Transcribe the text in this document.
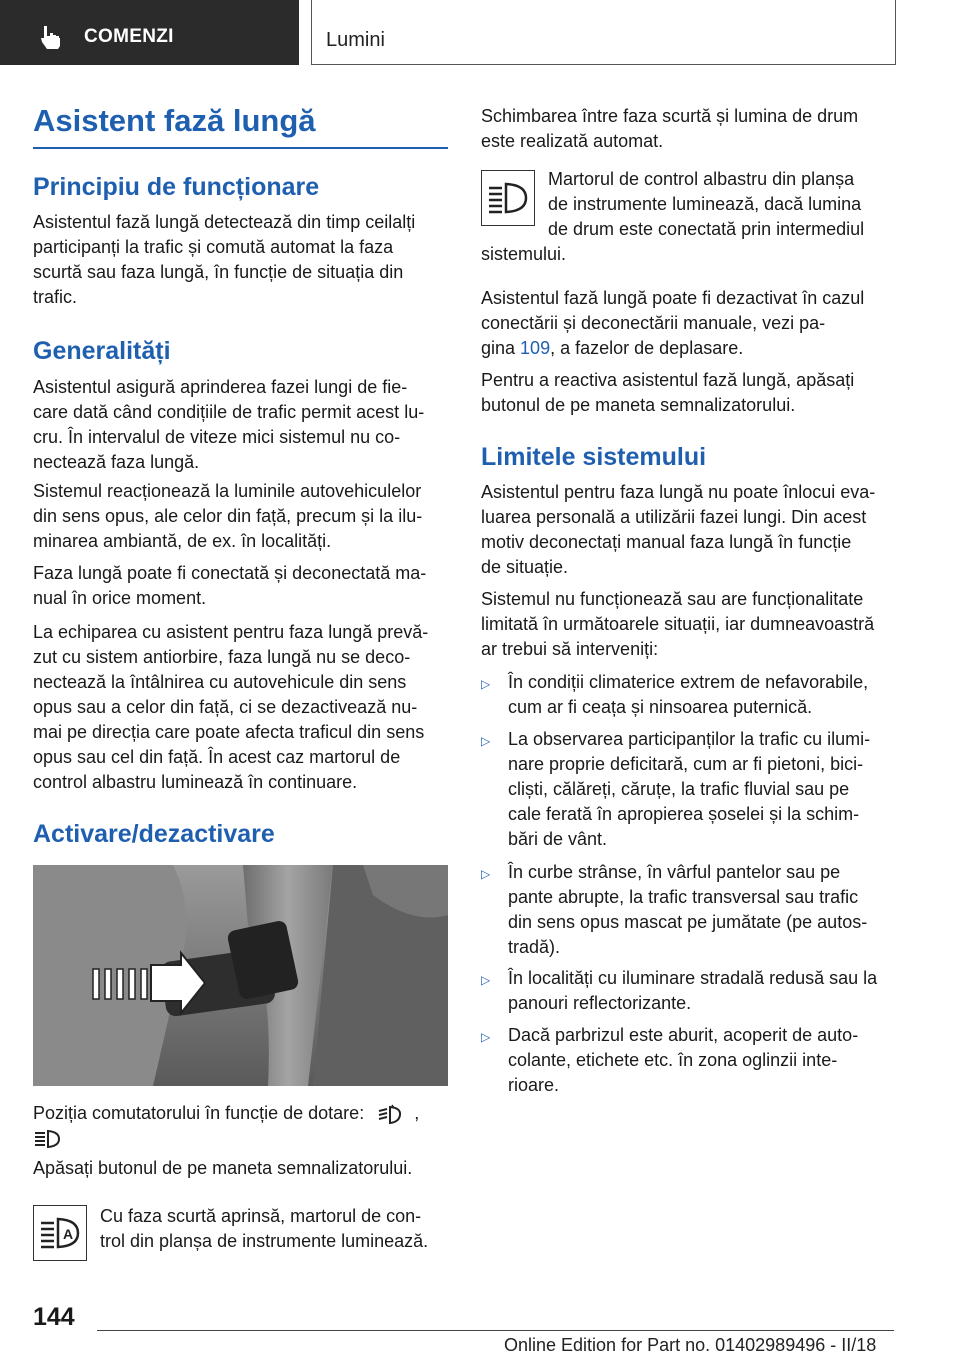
COMENZI	Lumini
Asistent fază lungă
Principiu de funcționare

Asistentul fază lungă detectează din timp ceilalți
participanți la trafic și comută automat la faza
scurtă sau faza lungă, în funcție de situația din
trafic.

Generalități

Asistentul asigură aprinderea fazei lungi de fie-
care dată când condițiile de trafic permit acest lu-
cru. În intervalul de viteze mici sistemul nu co-
nectează faza lungă.

Sistemul reacționează la luminile autovehiculelor
din sens opus, ale celor din față, precum și la ilu-
minarea ambiantă, de ex. în localități.

Faza lungă poate fi conectată și deconectată ma-
nual în orice moment.

La echiparea cu asistent pentru faza lungă prevă-
zut cu sistem antiorbire, faza lungă nu se deco-
nectează la întâlnirea cu autovehicule din sens
opus sau a celor din față, ci se dezactivează nu-
mai pe direcția care poate afecta traficul din sens
opus sau cel din față. În acest caz martorul de
control albastru luminează în continuare.

Activare/dezactivare

Poziția comutatorului în funcție de dotare:	,

Apăsați butonul de pe maneta semnalizatorului.

A

Cu faza scurtă aprinsă, martorul de con-
trol din planșa de instrumente luminează.

Schimbarea între faza scurtă și lumina de drum
este realizată automat.

Martorul de control albastru din planșa
de instrumente luminează, dacă lumina
de drum este conectată prin intermediul

sistemului.

Asistentul fază lungă poate fi dezactivat în cazul
conectării și deconectării manuale, vezi pa-
gina 109, a fazelor de deplasare.

Pentru a reactiva asistentul fază lungă, apăsați
butonul de pe maneta semnalizatorului.

Limitele sistemului

Asistentul pentru faza lungă nu poate înlocui eva-
luarea personală a utilizării fazei lungi. Din acest
motiv deconectați manual faza lungă în funcție
de situație.

Sistemul nu funcționează sau are funcționalitate
limitată în următoarele situații, iar dumneavoastră
ar trebui să interveniți:

▷ În condiții climaterice extrem de nefavorabile,
cum ar fi ceața și ninsoarea puternică.

▷ La observarea participanților la trafic cu ilumi-
nare proprie deficitară, cum ar fi pietoni, bici-
cliști, călăreți, căruțe, la trafic fluvial sau pe
cale ferată în apropierea șoselei și la schim-
bări de vânt.

▷ În curbe strânse, în vârful pantelor sau pe
pante abrupte, la trafic transversal sau trafic
din sens opus mascat pe jumătate (pe autos-
tradă).

▷ În localități cu iluminare stradală redusă sau la
panouri reflectorizante.

▷ Dacă parbrizul este aburit, acoperit de auto-
colante, etichete etc. în zona oglinzii inte-
rioare.

144
Online Edition for Part no. 01402989496 - II/18
